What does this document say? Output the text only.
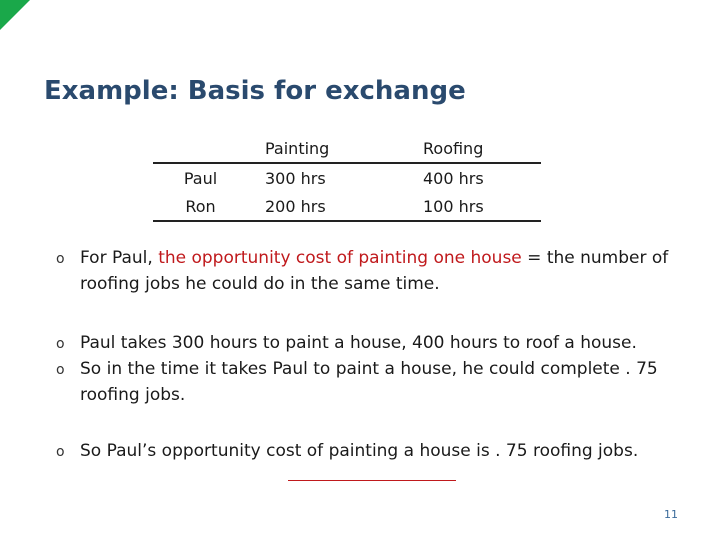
Example: Basis for exchange
	Painting	Roofing
Paul	300 hrs	400 hrs
Ron	200 hrs	100 hrs
o For Paul, the opportunity cost of painting one house = the number of roofing jobs he could do in the same time.
o Paul takes 300 hours to paint a house, 400 hours to roof a house.
o So in the time it takes Paul to paint a house, he could complete . 75 roofing jobs.
o So Paul’s opportunity cost of painting a house is . 75 roofing jobs.
11
